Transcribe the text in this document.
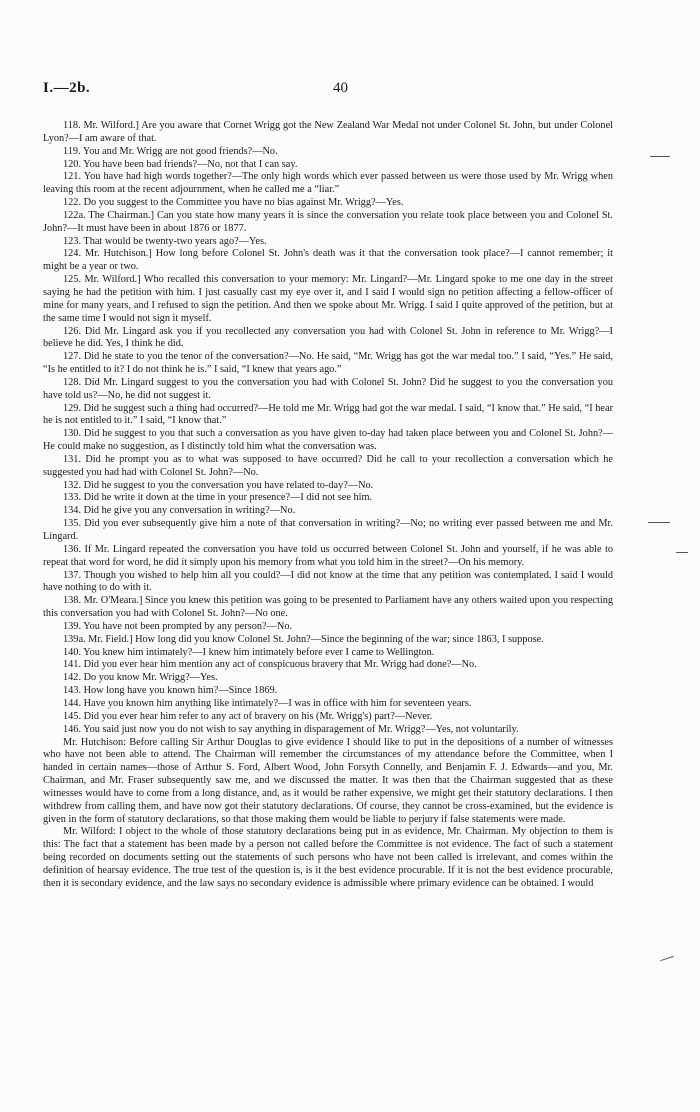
I.—2b.	40

118. Mr. Wilford.] Are you aware that Cornet Wrigg got the New Zealand War Medal not under Colonel St. John, but under Colonel Lyon?—I am aware of that.

119. You and Mr. Wrigg are not good friends?—No.

120. You have been bad friends?—No, not that I can say.

121. You have had high words together?—The only high words which ever passed between us were those used by Mr. Wrigg when leaving this room at the recent adjournment, when he called me a “liar.”

122. Do you suggest to the Committee you have no bias against Mr. Wrigg?—Yes.

122a. The Chairman.] Can you state how many years it is since the conversation you relate took place between you and Colonel St. John?—It must have been in about 1876 or 1877.

123. That would be twenty-two years ago?—Yes.

124. Mr. Hutchison.] How long before Colonel St. John's death was it that the conversation took place?—I cannot remember; it might be a year or two.

125. Mr. Wilford.] Who recalled this conversation to your memory: Mr. Lingard?—Mr. Lingard spoke to me one day in the street saying he had the petition with him. I just casually cast my eye over it, and I said I would sign no petition affecting a fellow-officer of mine for many years, and I refused to sign the petition. And then we spoke about Mr. Wrigg. I said I quite approved of the petition, but at the same time I would not sign it myself.

126. Did Mr. Lingard ask you if you recollected any conversation you had with Colonel St. John in reference to Mr. Wrigg?—I believe he did. Yes, I think he did.

127. Did he state to you the tenor of the conversation?—No. He said, “Mr. Wrigg has got the war medal too.” I said, “Yes.” He said, “Is he entitled to it? I do not think he is.” I said, “I knew that years ago.”

128. Did Mr. Lingard suggest to you the conversation you had with Colonel St. John? Did he suggest to you the conversation you have told us?—No, he did not suggest it.

129. Did he suggest such a thing had occurred?—He told me Mr. Wrigg had got the war medal. I said, “I know that.” He said, “I hear he is not entitled to it.” I said, “I know that.”

130. Did he suggest to you that such a conversation as you have given to-day had taken place between you and Colonel St. John?—He could make no suggestion, as I distinctly told him what the conversation was.

131. Did he prompt you as to what was supposed to have occurred? Did he call to your recollection a conversation which he suggested you had had with Colonel St. John?—No.

132. Did he suggest to you the conversation you have related to-day?—No.

133. Did he write it down at the time in your presence?—I did not see him.

134. Did he give you any conversation in writing?—No.

135. Did you ever subsequently give him a note of that conversation in writing?—No; no writing ever passed between me and Mr. Lingard.

136. If Mr. Lingard repeated the conversation you have told us occurred between Colonel St. John and yourself, if he was able to repeat that word for word, he did it simply upon his memory from what you told him in the street?—On his memory.

137. Though you wished to help him all you could?—I did not know at the time that any petition was contemplated. I said I would have nothing to do with it.

138. Mr. O'Meara.] Since you knew this petition was going to be presented to Parliament have any others waited upon you respecting this conversation you had with Colonel St. John?—No one.

139. You have not been prompted by any person?—No.

139a. Mr. Field.] How long did you know Colonel St. John?—Since the beginning of the war; since 1863, I suppose.

140. You knew him intimately?—I knew him intimately before ever I came to Wellington.

141. Did you ever hear him mention any act of conspicuous bravery that Mr. Wrigg had done?—No.

142. Do you know Mr. Wrigg?—Yes.

143. How long have you known him?—Since 1869.

144. Have you known him anything like intimately?—I was in office with him for seventeen years.

145. Did you ever hear him refer to any act of bravery on his (Mr. Wrigg's) part?—Never.

146. You said just now you do not wish to say anything in disparagement of Mr. Wrigg?—Yes, not voluntarily.

Mr. Hutchison: Before calling Sir Arthur Douglas to give evidence I should like to put in the depositions of a number of witnesses who have not been able to attend. The Chairman will remember the circumstances of my attendance before the Committee, when I handed in certain names—those of Arthur S. Ford, Albert Wood, John Forsyth Connelly, and Benjamin F. J. Edwards—and you, Mr. Chairman, and Mr. Fraser subsequently saw me, and we discussed the matter. It was then that the Chairman suggested that as these witnesses would have to come from a long distance, and, as it would be rather expensive, we might get their statutory declarations. I then withdrew from calling them, and have now got their statutory declarations. Of course, they cannot be cross-examined, but the evidence is given in the form of statutory declarations, so that those making them would be liable to perjury if false statements were made.

Mr. Wilford: I object to the whole of those statutory declarations being put in as evidence, Mr. Chairman. My objection to them is this: The fact that a statement has been made by a person not called before the Committee is not evidence. The fact of such a statement being recorded on documents setting out the statements of such persons who have not been called is irrelevant, and comes within the definition of hearsay evidence. The true test of the question is, is it the best evidence procurable. If it is not the best evidence procurable, then it is secondary evidence, and the law says no secondary evidence is admissible where primary evidence can be obtained. I would
